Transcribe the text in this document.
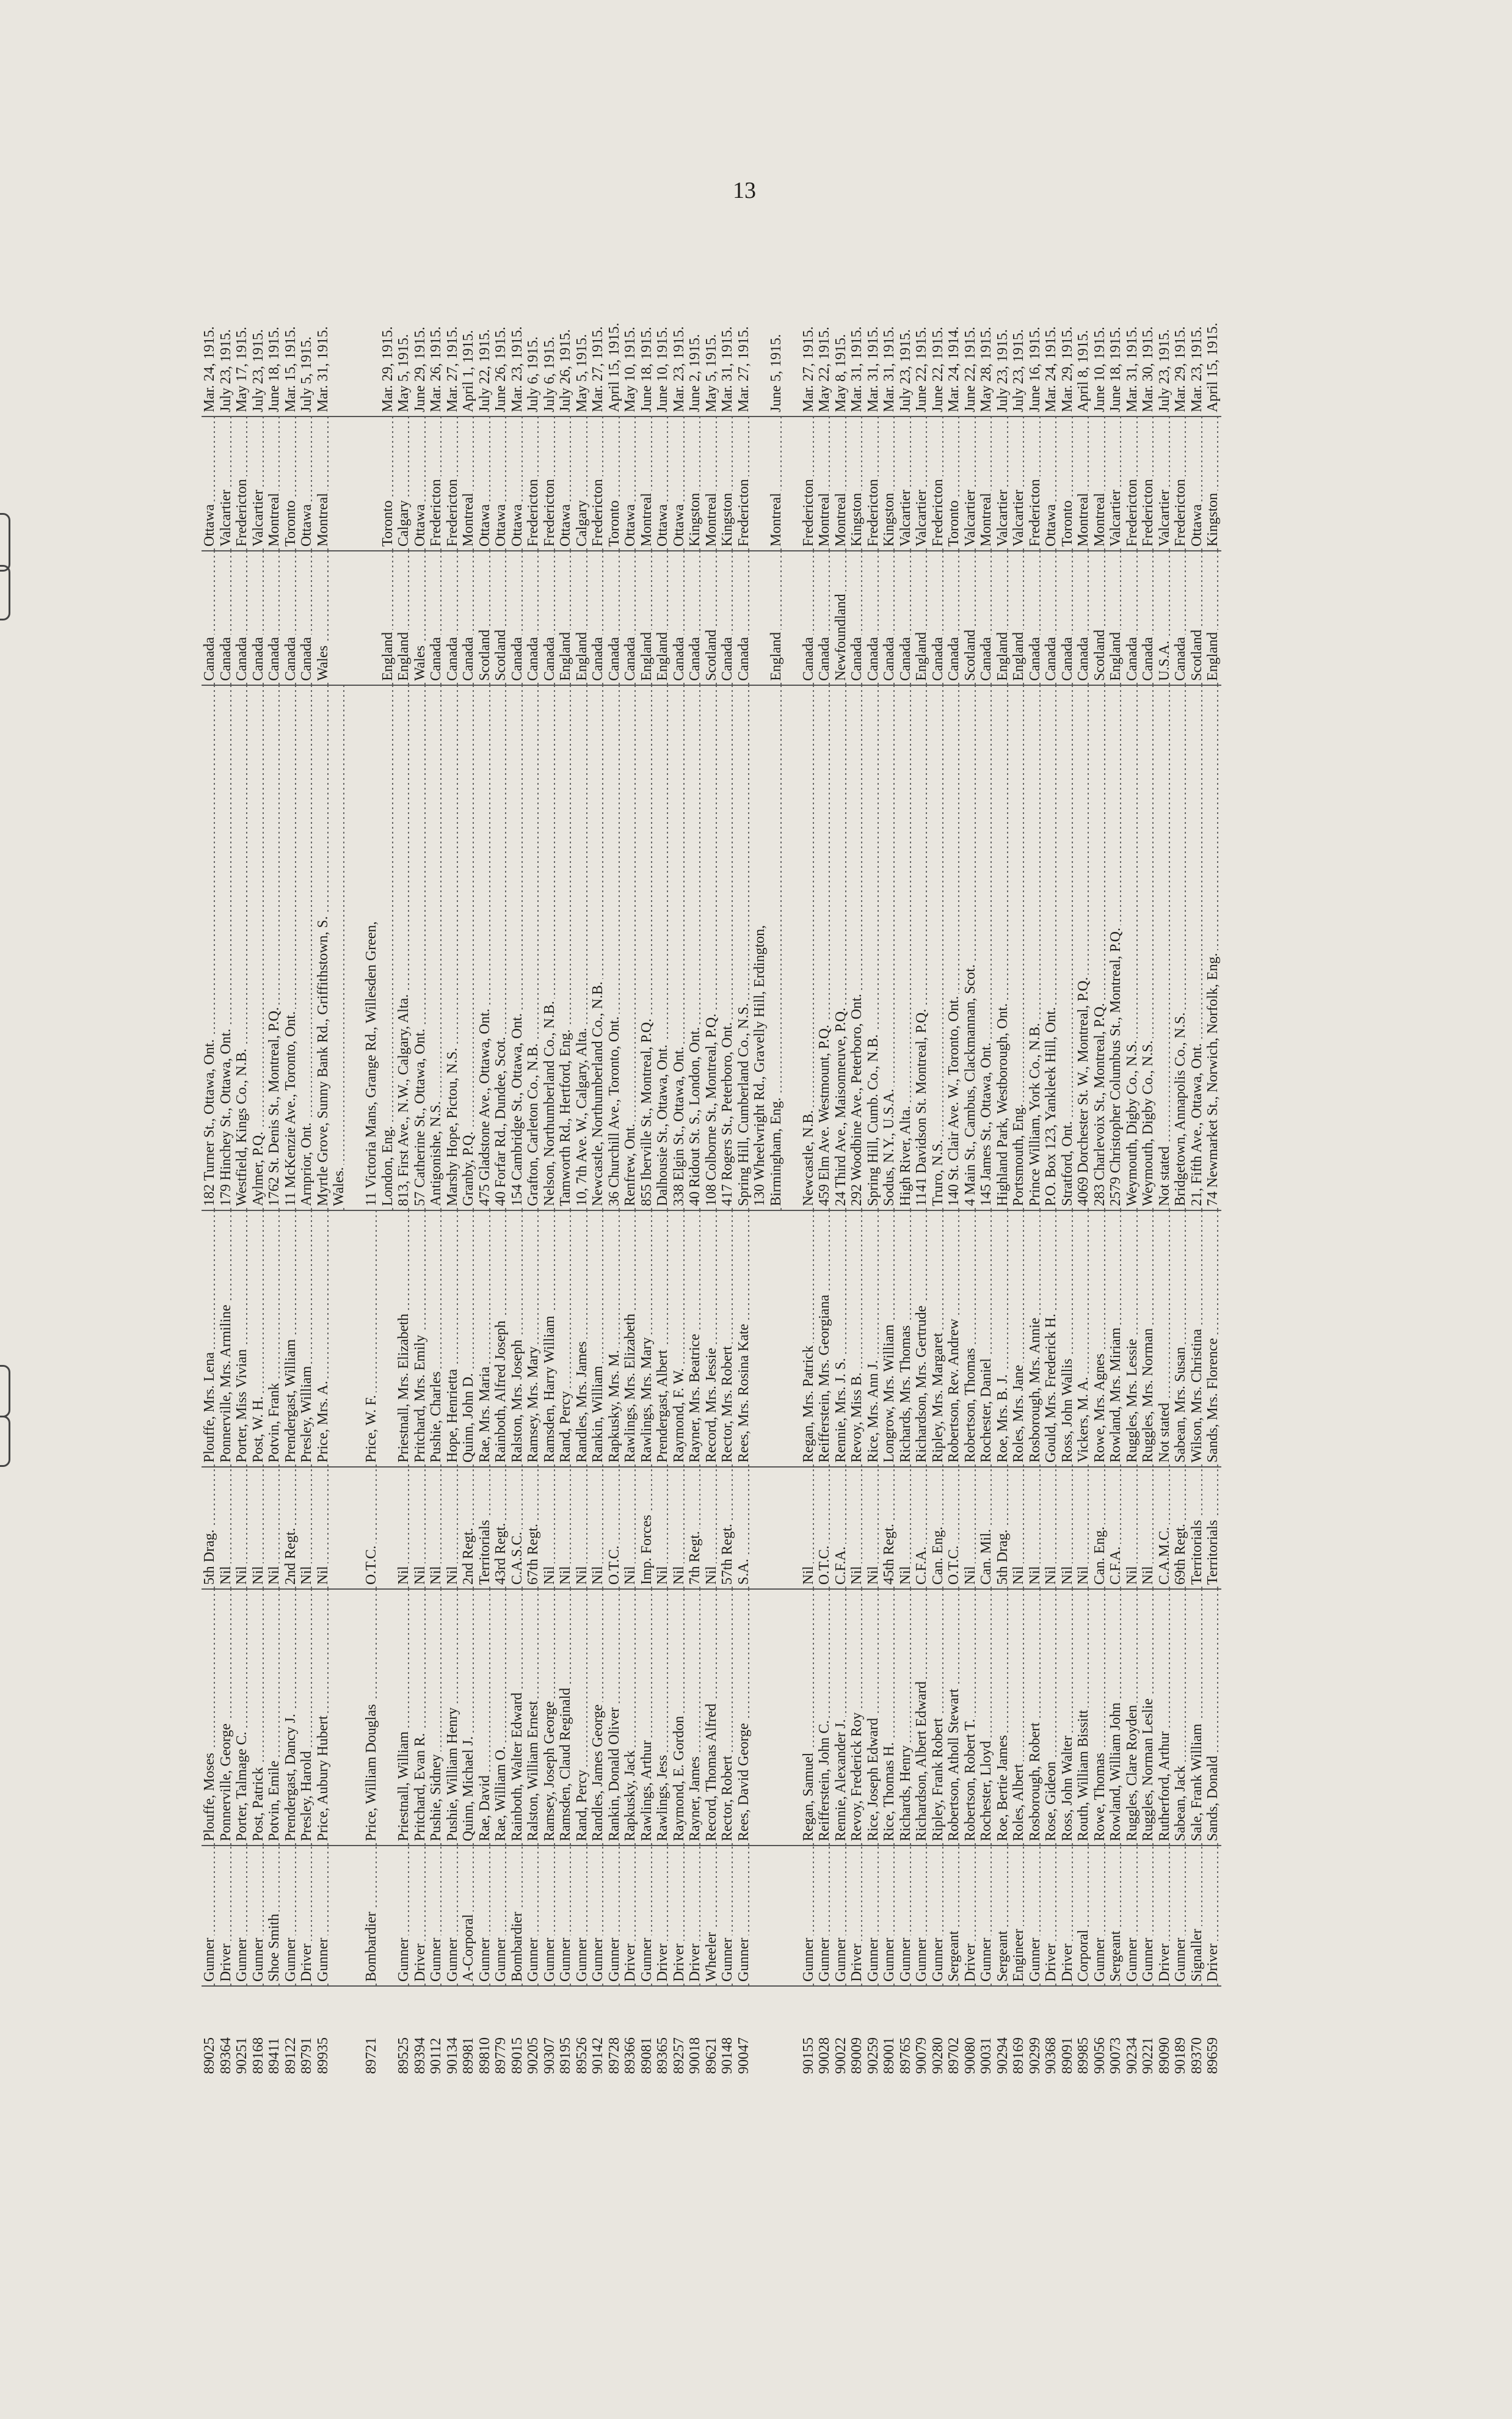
13
89025	Gunner	Plouffe, Moses	5th Drag.	Plouffe, Mrs. Lena	182 Turner St., Ottawa, Ont.	Canada	Ottawa	Mar. 24, 1915.
89364	Driver	Ponnerville, George	Nil	Ponnerville, Mrs. Armiline	179 Hinchey St., Ottawa, Ont.	Canada	Valcartier	July 23, 1915.
90251	Gunner	Porter, Talmage C.	Nil	Porter, Miss Vivian	Westfield, Kings Co., N.B.	Canada	Fredericton	May 17, 1915.
89168	Gunner	Post, Patrick	Nil	Post, W. H.	Aylmer, P.Q.	Canada	Valcartier	July 23, 1915.
89411	Shoe Smith	Potvin, Emile	Nil	Potvin, Frank	1762 St. Denis St., Montreal, P.Q.	Canada	Montreal	June 18, 1915.
89122	Gunner	Prendergast, Dancy J.	2nd Regt.	Prendergast, William	11 McKenzie Ave., Toronto, Ont.	Canada	Toronto	Mar. 15, 1915.
89791	Driver	Presley, Harold	Nil	Presley, William	Arnprior, Ont.	Canada	Ottawa	July 5, 1915.
89935	Gunner	Price, Aubury Hubert	Nil	Price, Mrs. A.	Myrtle Grove, Sunny Bank Rd., Griffithstown, S.	Wales	Montreal	Mar. 31, 1915.
					Wales.			

89721	Bombardier	Price, William Douglas	O.T.C.	Price, W. F.	11 Victoria Mans, Grange Rd., Willesden Green,			
					London, Eng.	England	Toronto	Mar. 29, 1915.
89525	Gunner	Priestnall, William	Nil	Priestnall, Mrs. Elizabeth	813, First Ave., N.W., Calgary, Alta.	England	Calgary	May 5, 1915.
89394	Driver	Pritchard, Evan R.	Nil	Pritchard, Mrs. Emily	57 Catherine St., Ottawa, Ont.	Wales	Ottawa	June 29, 1915.
90112	Gunner	Pushie, Sidney	Nil	Pushie, Charles	Antigonishe, N.S.	Canada	Fredericton	Mar. 26, 1915.
90134	Gunner	Pushie, William Henry	Nil	Hope, Henrietta	Marshy Hope, Pictou, N.S.	Canada	Fredericton	Mar. 27, 1915.
89981	A-Corporal	Quinn, Michael J.	2nd Regt.	Quinn, John D.	Granby, P.Q.	Canada	Montreal	April 1, 1915.
89810	Gunner	Rae, David	Territorials	Rae, Mrs. Maria	475 Gladstone Ave., Ottawa, Ont.	Scotland	Ottawa	July 22, 1915.
89779	Gunner	Rae, William O.	43rd Regt.	Rainboth, Alfred Joseph	40 Forfar Rd., Dundee, Scot.	Scotland	Ottawa	June 26, 1915.
89015	Bombardier	Rainboth, Walter Edward	C.A.S.C.	Ralston, Mrs. Joseph	154 Cambridge St., Ottawa, Ont.	Canada	Ottawa	Mar. 23, 1915.
90205	Gunner	Ralston, William Ernest	67th Regt.	Ramsey, Mrs. Mary	Grafton, Carleton Co., N.B.	Canada	Fredericton	July 6, 1915.
90307	Gunner	Ramsey, Joseph George	Nil	Ramsden, Harry William	Nelson, Northumberland Co., N.B.	Canada	Fredericton	July 6, 1915.
89195	Gunner	Ramsden, Claud Reginald	Nil	Rand, Percy	Tamworth Rd., Hertford, Eng.	England	Ottawa	July 26, 1915.
89526	Gunner	Rand, Percy	Nil	Randles, Mrs. James	10, 7th Ave. W., Calgary, Alta.	England	Calgary	May 5, 1915.
90142	Gunner	Randles, James George	Nil	Rankin, William	Newcastle, Northumberland Co., N.B.	Canada	Fredericton	Mar. 27, 1915.
89728	Gunner	Rankin, Donald Oliver	O.T.C.	Rapkusky, Mrs. M.	36 Churchill Ave., Toronto, Ont.	Canada	Toronto	April 15, 1915.
89366	Driver	Rapkusky, Jack	Nil	Rawlings, Mrs. Elizabeth	Renfrew, Ont.	Canada	Ottawa	May 10, 1915.
89081	Gunner	Rawlings, Arthur	Imp. Forces	Rawlings, Mrs. Mary	855 Iberville St., Montreal, P.Q.	England	Montreal	June 18, 1915.
89365	Driver	Rawlings, Jess	Nil	Prendergast, Albert	Dalhousie St., Ottawa, Ont.	England	Ottawa	June 10, 1915.
89257	Driver	Raymond, E. Gordon	Nil	Raymond, F. W.	338 Elgin St., Ottawa, Ont.	Canada	Ottawa	Mar. 23, 1915.
90018	Driver	Rayner, James	7th Regt.	Rayner, Mrs. Beatrice	40 Ridout St. S., London, Ont.	Canada	Kingston	June 2, 1915.
89621	Wheeler	Record, Thomas Alfred	Nil	Record, Mrs. Jessie	108 Colborne St., Montreal, P.Q.	Scotland	Montreal	May 5, 1915.
90148	Gunner	Rector, Robert	57th Regt.	Rector, Mrs. Robert	417 Rogers St., Peterboro, Ont.	Canada	Kingston	Mar. 31, 1915.
90047	Gunner	Rees, David George	S.A.	Rees, Mrs. Rosina Kate	Spring Hill, Cumberland Co., N.S.	Canada	Fredericton	Mar. 27, 1915.
					130 Wheelwright Rd., Gravelly Hill, Erdington,			
					Birmingham, Eng.	England	Montreal	June 5, 1915.

90155	Gunner	Regan, Samuel	Nil	Regan, Mrs. Patrick	Newcastle, N.B.	Canada	Fredericton	Mar. 27, 1915.
90028	Gunner	Reifferstein, John C.	O.T.C.	Reifferstein, Mrs. Georgiana	459 Elm Ave. Westmount, P.Q.	Canada	Montreal	May 22, 1915.
90022	Gunner	Rennie, Alexander J.	C.F.A.	Rennie, Mrs. J. S.	24 Third Ave., Maisonneuve, P.Q.	Newfoundland	Montreal	May 8, 1915.
89009	Driver	Revoy, Frederick Roy	Nil	Revoy, Miss B.	292 Woodbine Ave., Peterboro, Ont.	Canada	Kingston	Mar. 31, 1915.
90259	Gunner	Rice, Joseph Edward	Nil	Rice, Mrs. Ann J.	Spring Hill, Cumb. Co., N.B.	Canada	Fredericton	Mar. 31, 1915.
89001	Gunner	Rice, Thomas H.	45th Regt.	Longrow, Mrs. William	Sodus, N.Y., U.S.A.	Canada	Kingston	Mar. 31, 1915.
89765	Gunner	Richards, Henry	Nil	Richards, Mrs. Thomas	High River, Alta.	Canada	Valcartier	July 23, 1915.
90079	Gunner	Richardson, Albert Edward	C.F.A.	Richardson, Mrs. Gertrude	1141 Davidson St. Montreal, P.Q.	England	Valcartier	June 22, 1915.
90280	Gunner	Ripley, Frank Robert	Can. Eng.	Ripley, Mrs. Margaret	Truro, N.S.	Canada	Fredericton	June 22, 1915.
89702	Sergeant	Robertson, Atholl Stewart	O.T.C.	Robertson, Rev. Andrew	140 St. Clair Ave. W., Toronto, Ont.	Canada	Toronto	Mar. 24, 1914.
90080	Driver	Robertson, Robert T.	Nil	Robertson, Thomas	4 Main St., Cambus, Clackmannan, Scot.	Scotland	Valcartier	June 22, 1915.
90031	Gunner	Rochester, Lloyd	Can. Mil.	Rochester, Daniel	145 James St., Ottawa, Ont.	Canada	Montreal	May 28, 1915.
90294	Sergeant	Roe, Bertie James	5th Drag.	Roe, Mrs. B. J.	Highland Park, Westborough, Ont.	England	Valcartier	July 23, 1915.
89169	Engineer	Roles, Albert	Nil	Roles, Mrs. Jane	Portsmouth, Eng.	England	Valcartier	July 23, 1915.
90299	Gunner	Rosborough, Robert	Nil	Rosborough, Mrs. Annie	Prince William, York Co., N.B.	Canada	Fredericton	June 16, 1915.
90368	Driver	Rose, Gideon	Nil	Gould, Mrs. Frederick H.	P.O. Box 123, Yankleek Hill, Ont.	Canada	Ottawa	Mar. 24, 1915.
89091	Driver	Ross, John Walter	Nil	Ross, John Wallis	Stratford, Ont.	Canada	Toronto	Mar. 29, 1915.
89985	Corporal	Routh, William Bissitt	Nil	Vickers, M. A.	4069 Dorchester St. W., Montreal, P.Q.	Canada	Montreal	April 8, 1915.
90056	Gunner	Rowe, Thomas	Can. Eng.	Rowe, Mrs. Agnes	283 Charlevoix St., Montreal, P.Q.	Scotland	Montreal	June 10, 1915.
90073	Sergeant	Rowland, William John	C.F.A.	Rowland, Mrs. Miriam	2579 Christopher Columbus St., Montreal, P.Q.	England	Valcartier	June 18, 1915.
90234	Gunner	Ruggles, Clare Royden	Nil	Ruggles, Mrs. Lessie	Weymouth, Digby Co., N.S.	Canada	Fredericton	Mar. 31, 1915.
90221	Gunner	Ruggles, Norman Leslie	Nil	Ruggles, Mrs. Norman	Weymouth, Digby Co., N.S.	Canada	Fredericton	Mar. 30, 1915.
89090	Driver	Rutherford, Arthur	C.A.M.C.	Not stated	Not stated	U.S.A.	Valcartier	July 23, 1915.
90189	Gunner	Sabean, Jack	69th Regt.	Sabean, Mrs. Susan	Bridgetown, Annapolis Co., N.S.	Canada	Fredericton	Mar. 29, 1915.
89370	Signaller	Sale, Frank William	Territorials	Wilson, Mrs. Christina	21, Fifth Ave., Ottawa, Ont.	Scotland	Ottawa	Mar. 23, 1915.
89659	Driver	Sands, Donald	Territorials	Sands, Mrs. Florence	74 Newmarket St., Norwich, Norfolk, Eng.	England	Kingston	April 15, 1915.
